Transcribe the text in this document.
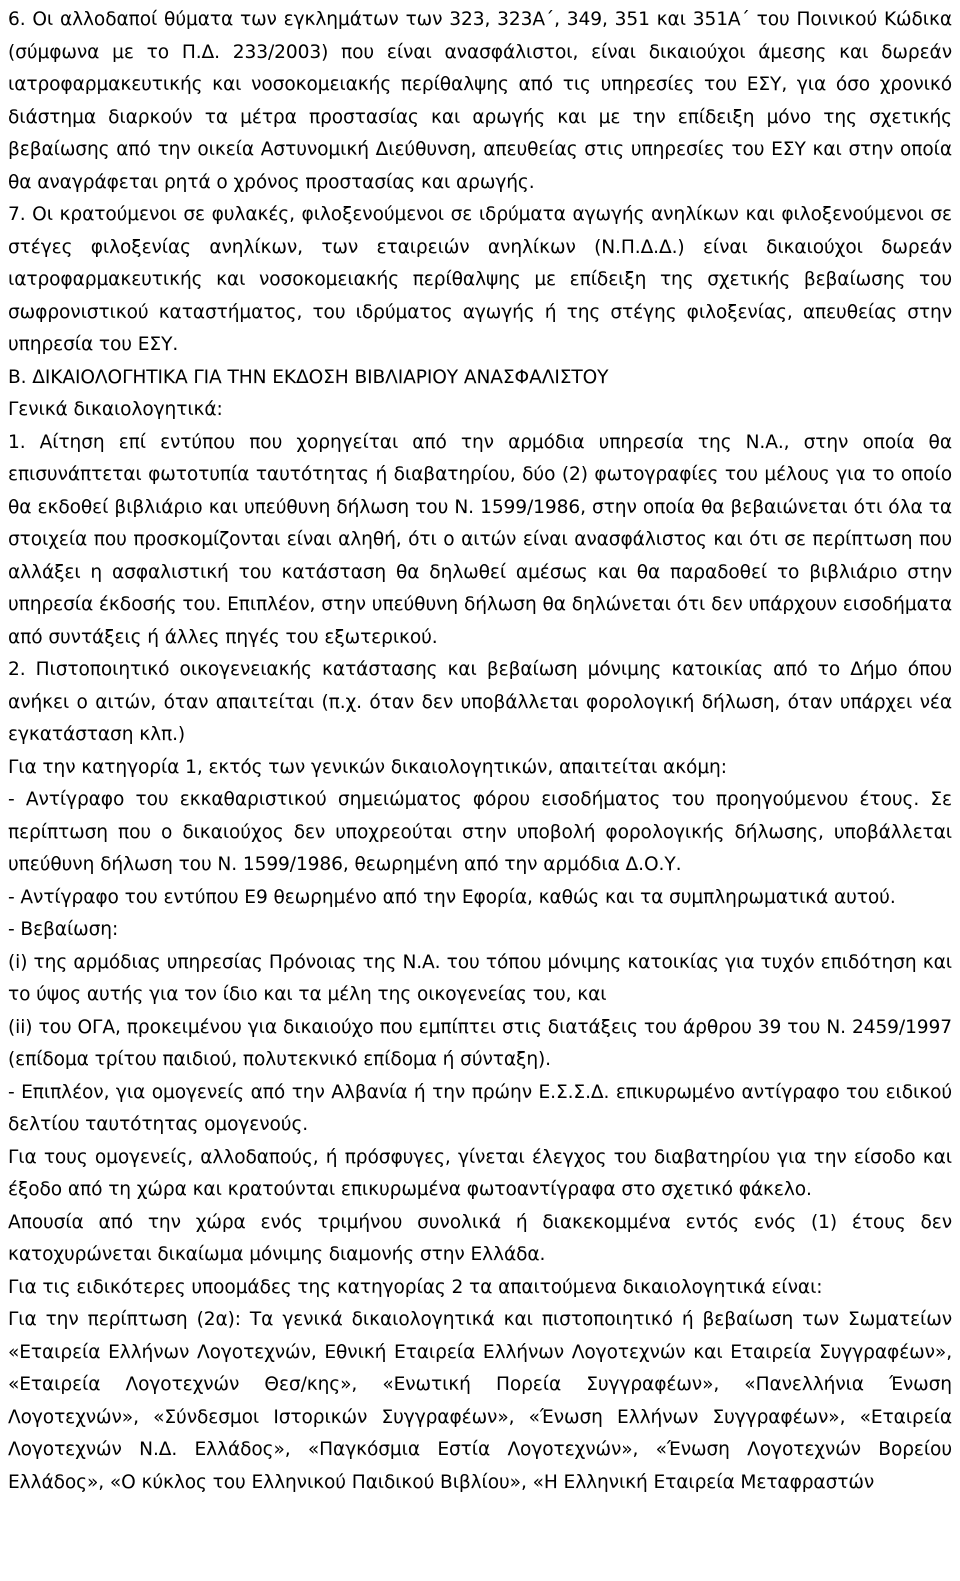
6. Οι αλλοδαποί θύματα των εγκλημάτων των 323, 323Α΄, 349, 351 και 351Α΄ του Ποινικού Κώδικα (σύμφωνα με το Π.Δ. 233/2003) που είναι ανασφάλιστοι, είναι δικαιούχοι άμεσης και δωρεάν ιατροφαρμακευτικής και νοσοκομειακής περίθαλψης από τις υπηρεσίες του ΕΣΥ, για όσο χρονικό διάστημα διαρκούν τα μέτρα προστασίας και αρωγής και με την επίδειξη μόνο της σχετικής βεβαίωσης από την οικεία Αστυνομική Διεύθυνση, απευθείας στις υπηρεσίες του ΕΣΥ και στην οποία θα αναγράφεται ρητά ο χρόνος προστασίας και αρωγής.

7. Οι κρατούμενοι σε φυλακές, φιλοξενούμενοι σε ιδρύματα αγωγής ανηλίκων και φιλοξενούμενοι σε στέγες φιλοξενίας ανηλίκων, των εταιρειών ανηλίκων (Ν.Π.Δ.Δ.) είναι δικαιούχοι δωρεάν ιατροφαρμακευτικής και νοσοκομειακής περίθαλψης με επίδειξη της σχετικής βεβαίωσης του σωφρονιστικού καταστήματος, του ιδρύματος αγωγής ή της στέγης φιλοξενίας, απευθείας στην υπηρεσία του ΕΣΥ.

Β. ΔΙΚΑΙΟΛΟΓΗΤΙΚΑ ΓΙΑ ΤΗΝ ΕΚΔΟΣΗ ΒΙΒΛΙΑΡΙΟΥ ΑΝΑΣΦΑΛΙΣΤΟΥ

Γενικά δικαιολογητικά:

1. Αίτηση επί εντύπου που χορηγείται από την αρμόδια υπηρεσία της Ν.Α., στην οποία θα επισυνάπτεται φωτοτυπία ταυτότητας ή διαβατηρίου, δύο (2) φωτογραφίες του μέλους για το οποίο θα εκδοθεί βιβλιάριο και υπεύθυνη δήλωση του Ν. 1599/1986, στην οποία θα βεβαιώνεται ότι όλα τα στοιχεία που προσκομίζονται είναι αληθή, ότι ο αιτών είναι ανασφάλιστος και ότι σε περίπτωση που αλλάξει η ασφαλιστική του κατάσταση θα δηλωθεί αμέσως και θα παραδοθεί το βιβλιάριο στην υπηρεσία έκδοσής του. Επιπλέον, στην υπεύθυνη δήλωση θα δηλώνεται ότι δεν υπάρχουν εισοδήματα από συντάξεις ή άλλες πηγές του εξωτερικού.

2. Πιστοποιητικό οικογενειακής κατάστασης και βεβαίωση μόνιμης κατοικίας από το Δήμο όπου ανήκει ο αιτών, όταν απαιτείται (π.χ. όταν δεν υποβάλλεται φορολογική δήλωση, όταν υπάρχει νέα εγκατάσταση κλπ.)

Για την κατηγορία 1, εκτός των γενικών δικαιολογητικών, απαιτείται ακόμη:

- Αντίγραφο του εκκαθαριστικού σημειώματος φόρου εισοδήματος του προηγούμενου έτους. Σε περίπτωση που ο δικαιούχος δεν υποχρεούται στην υποβολή φορολογικής δήλωσης, υποβάλλεται υπεύθυνη δήλωση του Ν. 1599/1986, θεωρημένη από την αρμόδια Δ.Ο.Υ.

- Αντίγραφο του εντύπου Ε9 θεωρημένο από την Εφορία, καθώς και τα συμπληρωματικά αυτού.

- Βεβαίωση:

(i) της αρμόδιας υπηρεσίας Πρόνοιας της Ν.Α. του τόπου μόνιμης κατοικίας για τυχόν επιδότηση και το ύψος αυτής για τον ίδιο και τα μέλη της οικογενείας του, και

(ii) του ΟΓΑ, προκειμένου για δικαιούχο που εμπίπτει στις διατάξεις του άρθρου 39 του Ν. 2459/1997 (επίδομα τρίτου παιδιού, πολυτεκνικό επίδομα ή σύνταξη).

- Επιπλέον, για ομογενείς από την Αλβανία ή την πρώην Ε.Σ.Σ.Δ. επικυρωμένο αντίγραφο του ειδικού δελτίου ταυτότητας ομογενούς.

Για τους ομογενείς, αλλοδαπούς, ή πρόσφυγες, γίνεται έλεγχος του διαβατηρίου για την είσοδο και έξοδο από τη χώρα και κρατούνται επικυρωμένα φωτοαντίγραφα στο σχετικό φάκελο.

Απουσία από την χώρα ενός τριμήνου συνολικά ή διακεκομμένα εντός ενός (1) έτους δεν κατοχυρώνεται δικαίωμα μόνιμης διαμονής στην Ελλάδα.

Για τις ειδικότερες υποομάδες της κατηγορίας 2 τα απαιτούμενα δικαιολογητικά είναι:

Για την περίπτωση (2α): Τα γενικά δικαιολογητικά και πιστοποιητικό ή βεβαίωση των Σωματείων «Εταιρεία Ελλήνων Λογοτεχνών, Εθνική Εταιρεία Ελλήνων Λογοτεχνών και Εταιρεία Συγγραφέων», «Εταιρεία Λογοτεχνών Θεσ/κης», «Ενωτική Πορεία Συγγραφέων», «Πανελλήνια Ένωση Λογοτεχνών», «Σύνδεσμοι Ιστορικών Συγγραφέων», «Ένωση Ελλήνων Συγγραφέων», «Εταιρεία Λογοτεχνών Ν.Δ. Ελλάδος», «Παγκόσμια Εστία Λογοτεχνών», «Ένωση Λογοτεχνών Βορείου Ελλάδος», «Ο κύκλος του Ελληνικού Παιδικού Βιβλίου», «Η Ελληνική Εταιρεία Μεταφραστών
